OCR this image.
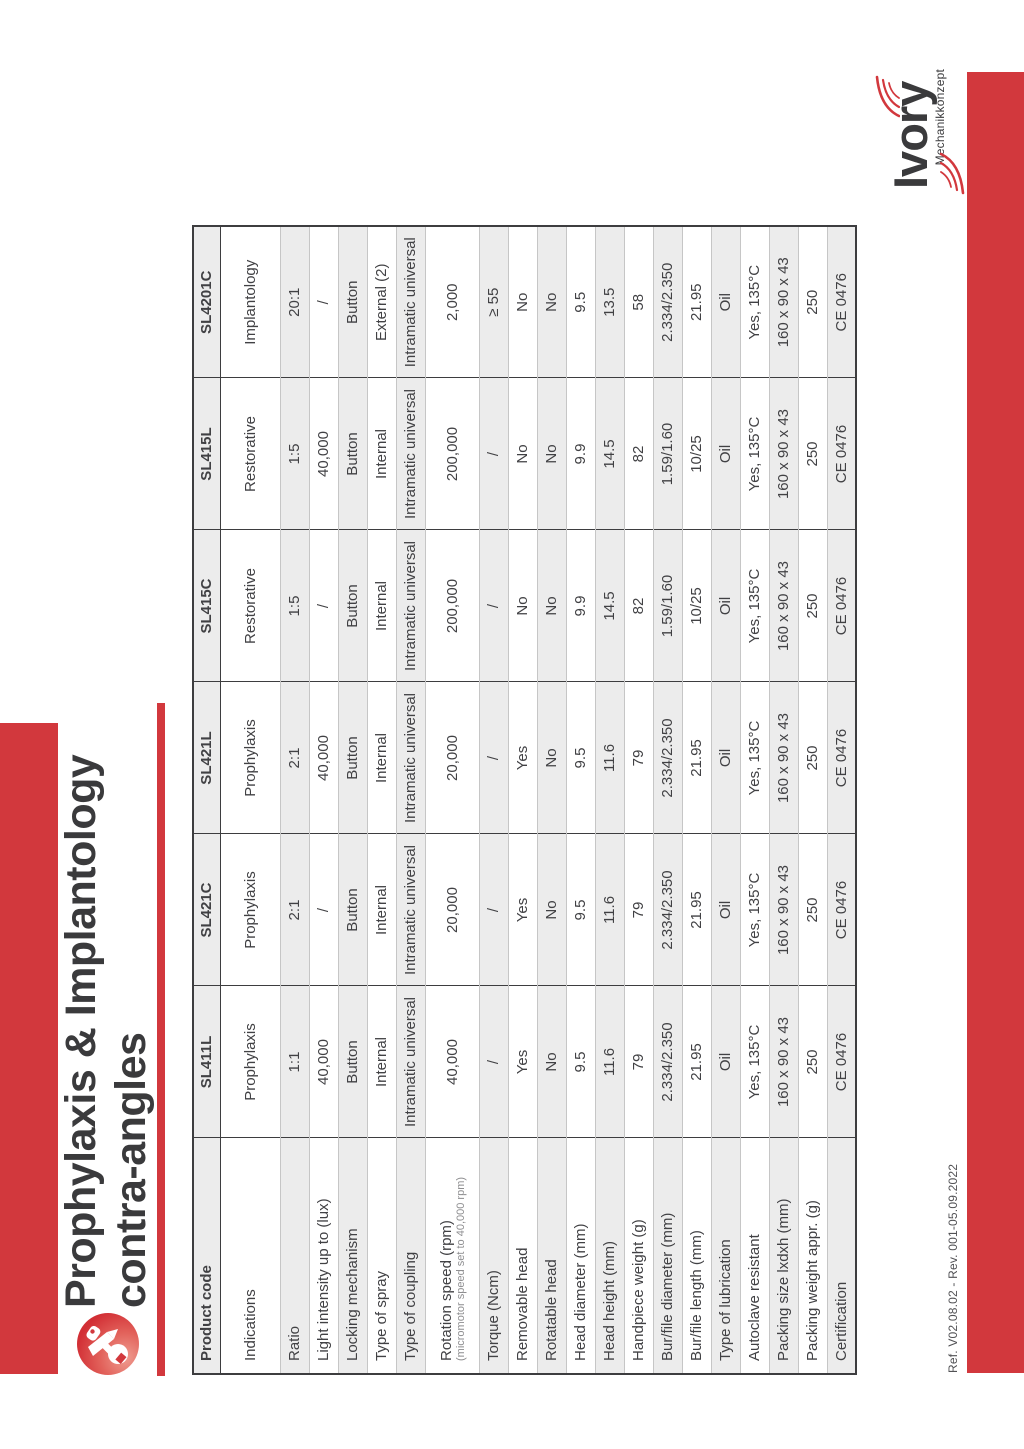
Prophylaxis & Implantology contra-angles
Product code	SL411L	SL421C	SL421L	SL415C	SL415L	SL4201C
Indications	Prophylaxis	Prophylaxis	Prophylaxis	Restorative	Restorative	Implantology
Ratio	1:1	2:1	2:1	1:5	1:5	20:1
Light intensity up to (lux)	40,000	/	40,000	/	40,000	/
Locking mechanism	Button	Button	Button	Button	Button	Button
Type of spray	Internal	Internal	Internal	Internal	Internal	External (2)
Type of coupling	Intramatic universal	Intramatic universal	Intramatic universal	Intramatic universal	Intramatic universal	Intramatic universal
Rotation speed (rpm) (micromotor speed set to 40,000 rpm)	40,000	20,000	20,000	200,000	200,000	2,000
Torque (Ncm)	/	/	/	/	/	≥ 55
Removable head	Yes	Yes	Yes	No	No	No
Rotatable head	No	No	No	No	No	No
Head diameter (mm)	9.5	9.5	9.5	9.9	9.9	9.5
Head height (mm)	11.6	11.6	11.6	14.5	14.5	13.5
Handpiece weight (g)	79	79	79	82	82	58
Bur/file diameter (mm)	2.334/2.350	2.334/2.350	2.334/2.350	1.59/1.60	1.59/1.60	2.334/2.350
Bur/file length (mm)	21.95	21.95	21.95	10/25	10/25	21.95
Type of lubrication	Oil	Oil	Oil	Oil	Oil	Oil
Autoclave resistant	Yes, 135°C	Yes, 135°C	Yes, 135°C	Yes, 135°C	Yes, 135°C	Yes, 135°C
Packing size lxdxh (mm)	160 x 90 x 43	160 x 90 x 43	160 x 90 x 43	160 x 90 x 43	160 x 90 x 43	160 x 90 x 43
Packing weight appr. (g)	250	250	250	250	250	250
Certification	CE 0476	CE 0476	CE 0476	CE 0476	CE 0476	CE 0476
Ivory
Mechanikkonzept
Ref. V02.08.02 - Rev. 001-05.09.2022
